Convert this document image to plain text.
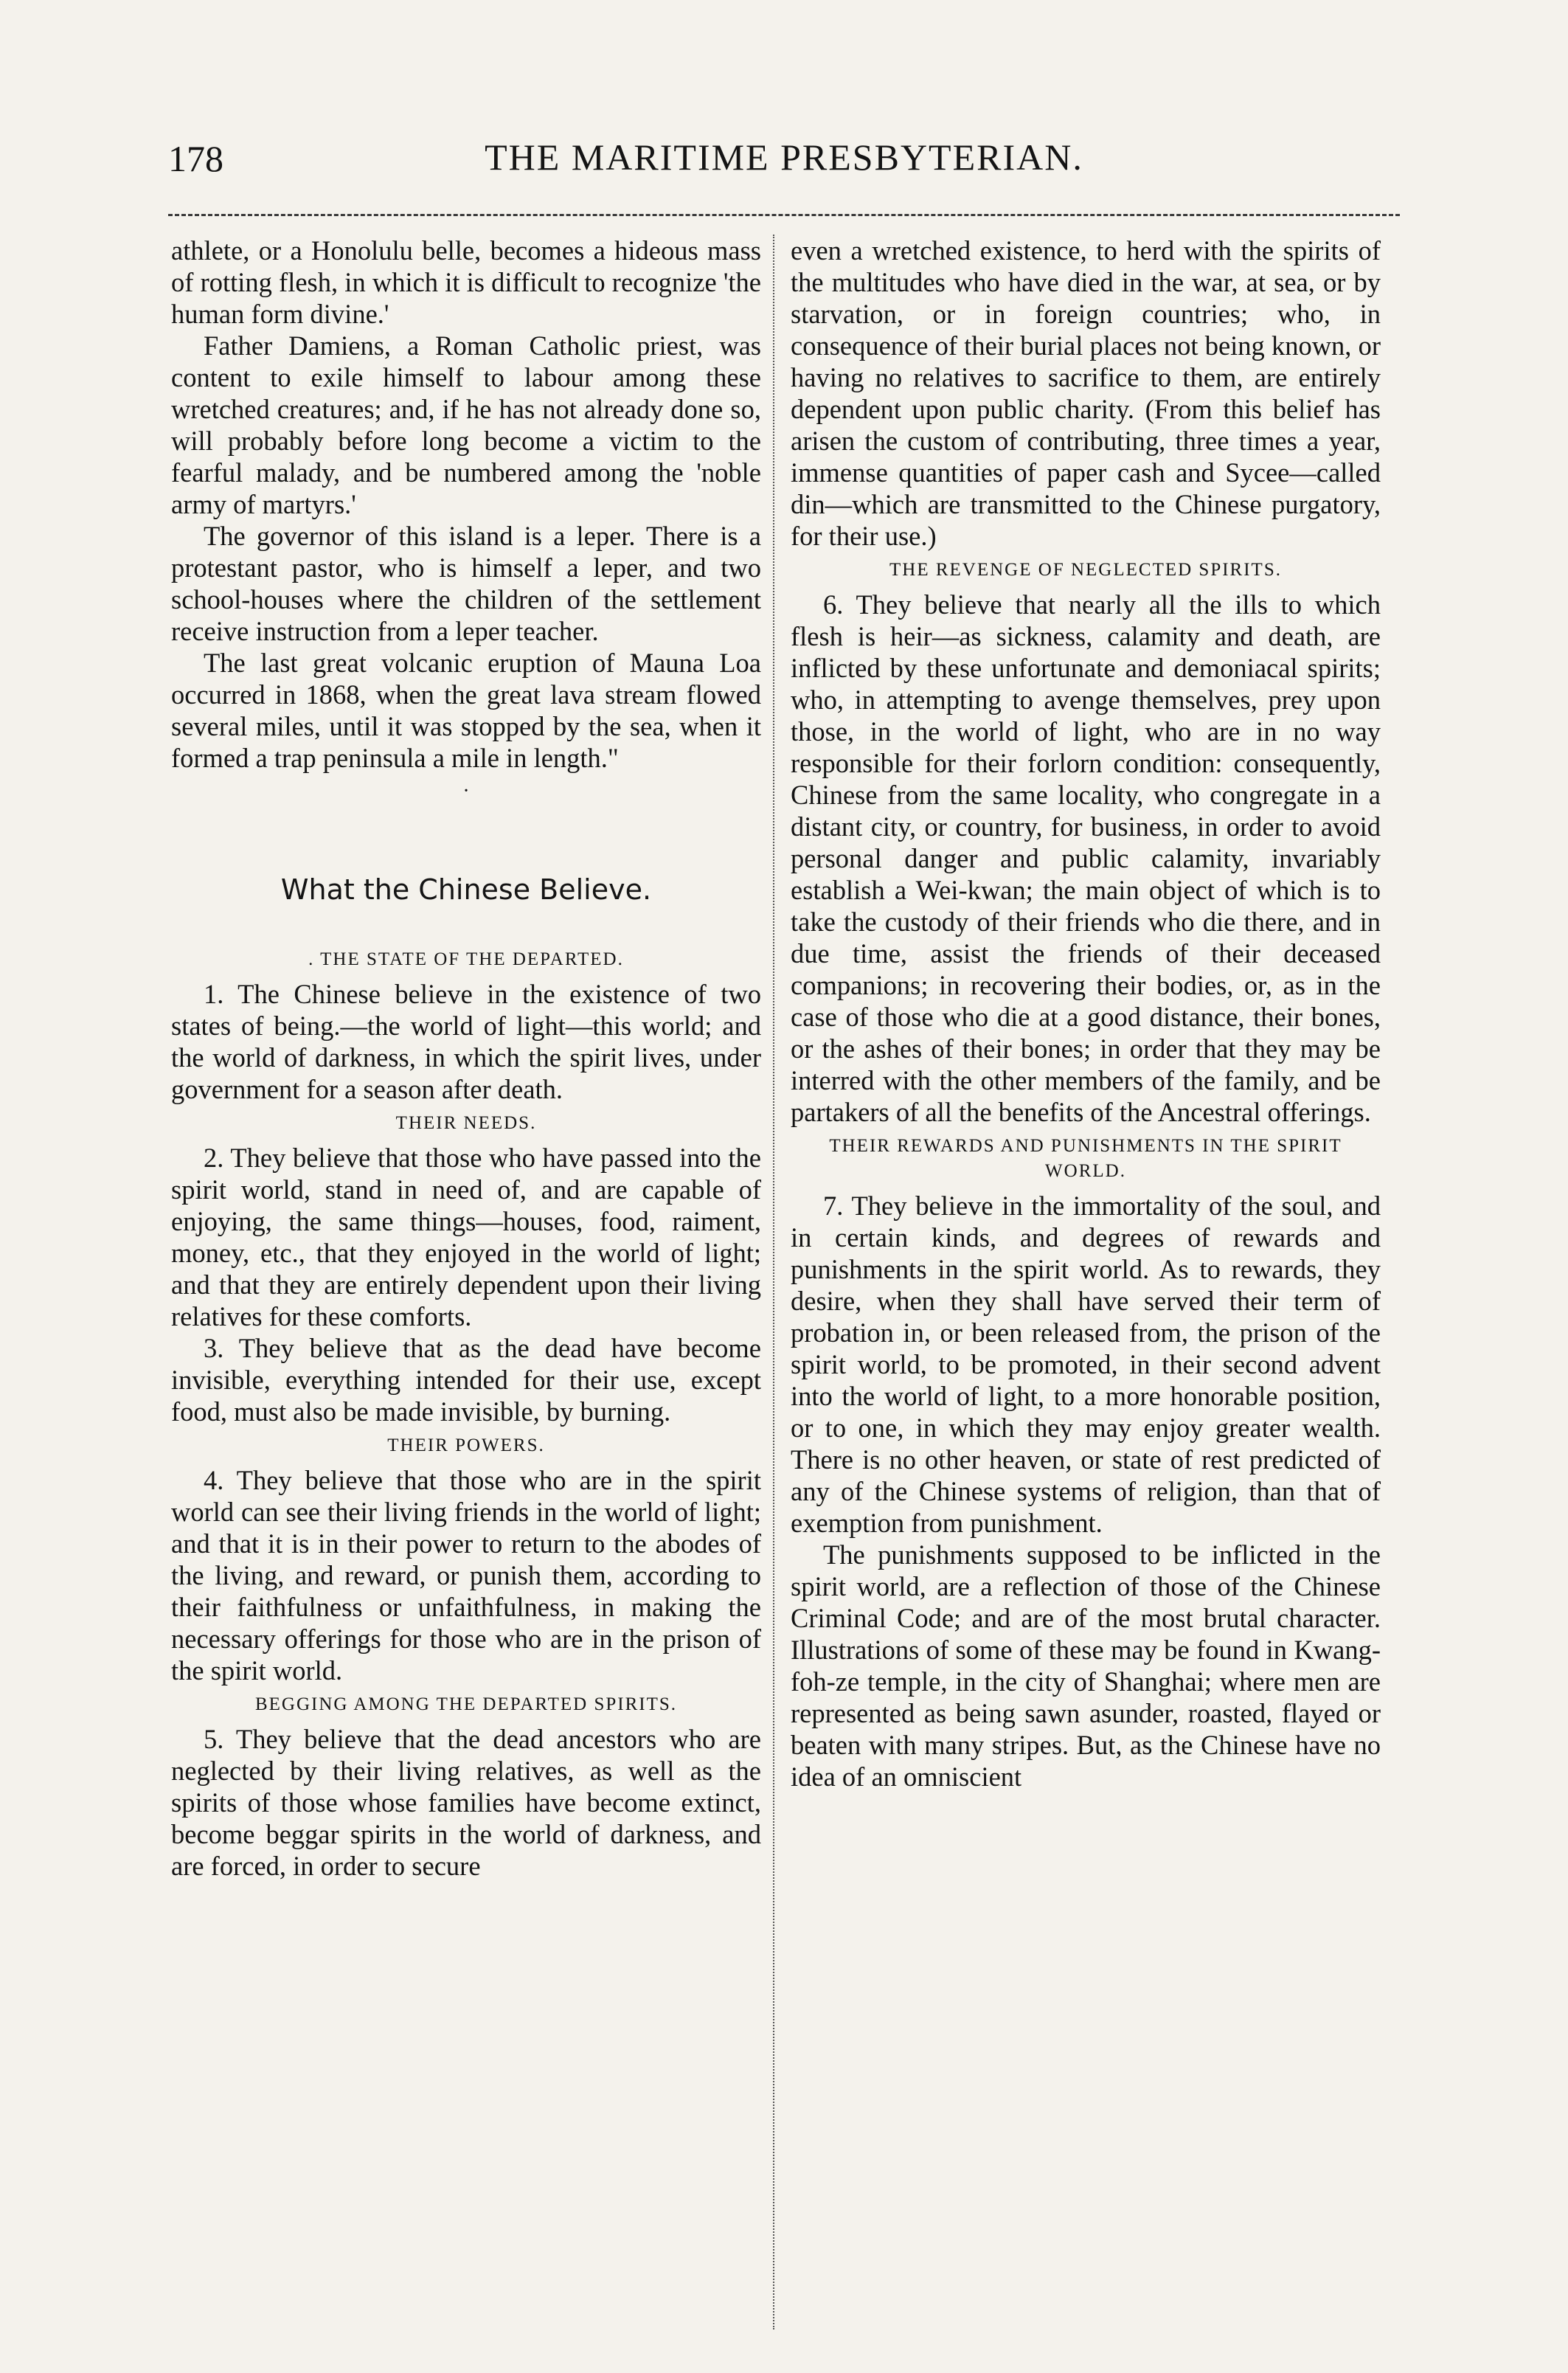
178	THE MARITIME PRESBYTERIAN.

athlete, or a Honolulu belle, becomes a hideous mass of rotting flesh, in which it is difficult to recognize 'the human form divine.'

Father Damiens, a Roman Catholic priest, was content to exile himself to labour among these wretched creatures; and, if he has not already done so, will probably before long become a victim to the fearful malady, and be numbered among the 'noble army of martyrs.'

The governor of this island is a leper. There is a protestant pastor, who is himself a leper, and two school-houses where the children of the settlement receive instruction from a leper teacher.

The last great volcanic eruption of Mauna Loa occurred in 1868, when the great lava stream flowed several miles, until it was stopped by the sea, when it formed a trap peninsula a mile in length."

·
What the Chinese Believe.
. THE STATE OF THE DEPARTED.

1. The Chinese believe in the existence of two states of being.—the world of light—this world; and the world of darkness, in which the spirit lives, under government for a season after death.

THEIR NEEDS.

2. They believe that those who have passed into the spirit world, stand in need of, and are capable of enjoying, the same things—houses, food, raiment, money, etc., that they enjoyed in the world of light; and that they are entirely dependent upon their living relatives for these comforts.

3. They believe that as the dead have become invisible, everything intended for their use, except food, must also be made invisible, by burning.

THEIR POWERS.

4. They believe that those who are in the spirit world can see their living friends in the world of light; and that it is in their power to return to the abodes of the living, and reward, or punish them, according to their faithfulness or unfaithfulness, in making the necessary offerings for those who are in the prison of the spirit world.

BEGGING AMONG THE DEPARTED SPIRITS.

5. They believe that the dead ancestors who are neglected by their living relatives, as well as the spirits of those whose families have become extinct, become beggar spirits in the world of darkness, and are forced, in order to secure

even a wretched existence, to herd with the spirits of the multitudes who have died in the war, at sea, or by starvation, or in foreign countries; who, in consequence of their burial places not being known, or having no relatives to sacrifice to them, are entirely dependent upon public charity. (From this belief has arisen the custom of contributing, three times a year, immense quantities of paper cash and Sycee—called din—which are transmitted to the Chinese purgatory, for their use.)

THE REVENGE OF NEGLECTED SPIRITS.

6. They believe that nearly all the ills to which flesh is heir—as sickness, calamity and death, are inflicted by these unfortunate and demoniacal spirits; who, in attempting to avenge themselves, prey upon those, in the world of light, who are in no way responsible for their forlorn condition: consequently, Chinese from the same locality, who congregate in a distant city, or country, for business, in order to avoid personal danger and public calamity, invariably establish a Wei-kwan; the main object of which is to take the custody of their friends who die there, and in due time, assist the friends of their deceased companions; in recovering their bodies, or, as in the case of those who die at a good distance, their bones, or the ashes of their bones; in order that they may be interred with the other members of the family, and be partakers of all the benefits of the Ancestral offerings.

THEIR REWARDS AND PUNISHMENTS IN THE SPIRIT WORLD.

7. They believe in the immortality of the soul, and in certain kinds, and degrees of rewards and punishments in the spirit world. As to rewards, they desire, when they shall have served their term of probation in, or been released from, the prison of the spirit world, to be promoted, in their second advent into the world of light, to a more honorable position, or to one, in which they may enjoy greater wealth. There is no other heaven, or state of rest predicted of any of the Chinese systems of religion, than that of exemption from punishment.

The punishments supposed to be inflicted in the spirit world, are a reflection of those of the Chinese Criminal Code; and are of the most brutal character. Illustrations of some of these may be found in Kwang-foh-ze temple, in the city of Shanghai; where men are represented as being sawn asunder, roasted, flayed or beaten with many stripes. But, as the Chinese have no idea of an omniscient
